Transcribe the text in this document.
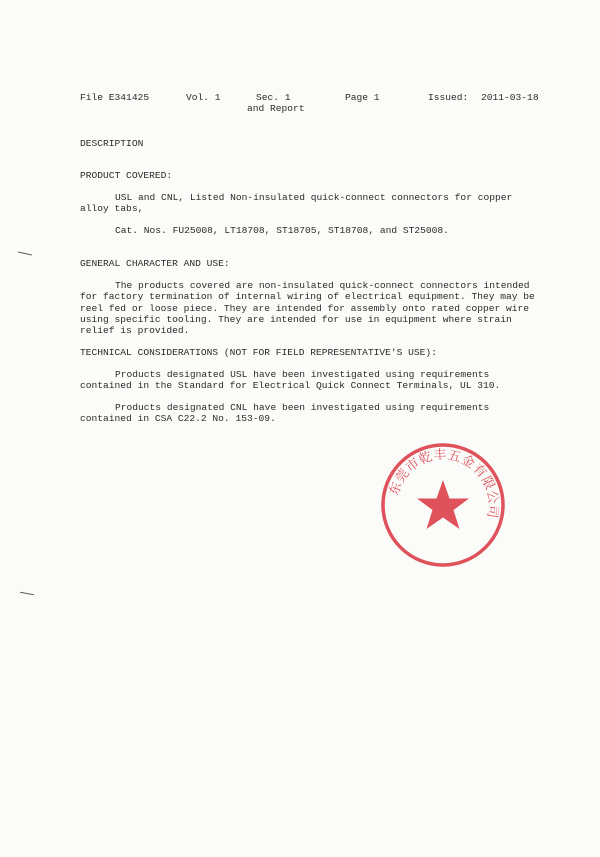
File E341425	Vol. 1	Sec. 1
and Report
Page 1	Issued: 2011-03-18
DESCRIPTION
PRODUCT COVERED:
USL and CNL, Listed Non-insulated quick-connect connectors for copper
alloy tabs,
Cat. Nos. FU25008, LT18708, ST18705, ST18708, and ST25008.
GENERAL CHARACTER AND USE:
The products covered are non-insulated quick-connect connectors intended for factory termination of internal wiring of electrical equipment. They may be reel fed or loose piece. They are intended for assembly onto rated copper wire using specific tooling. They are intended for use in equipment where strain relief is provided.
TECHNICAL CONSIDERATIONS (NOT FOR FIELD REPRESENTATIVE'S USE):
Products designated USL have been investigated using requirements contained in the Standard for Electrical Quick Connect Terminals, UL 310.
Products designated CNL have been investigated using requirements contained in CSA C22.2 No. 153-09.
东莞市乾丰五金有限公司
